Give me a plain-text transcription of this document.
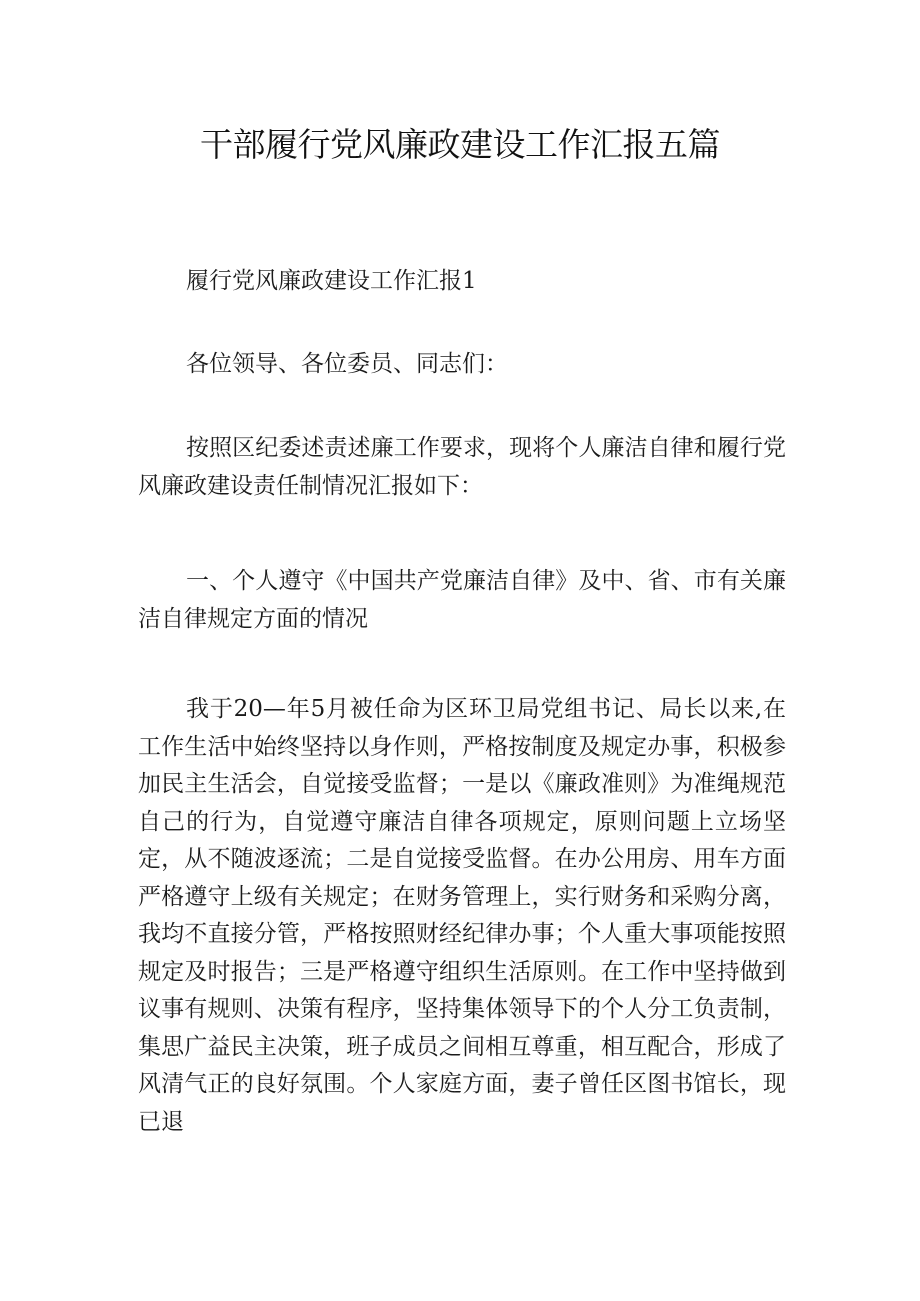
干部履行党风廉政建设工作汇报五篇

履行党风廉政建设工作汇报1

各位领导、各位委员、同志们：

按照区纪委述责述廉工作要求，现将个人廉洁自律和履行党风廉政建设责任制情况汇报如下：

一、个人遵守《中国共产党廉洁自律》及中、省、市有关廉洁自律规定方面的情况

我于20—年5月被任命为区环卫局党组书记、局长以来,在工作生活中始终坚持以身作则，严格按制度及规定办事，积极参加民主生活会，自觉接受监督；一是以《廉政准则》为准绳规范自己的行为，自觉遵守廉洁自律各项规定，原则问题上立场坚定，从不随波逐流；二是自觉接受监督。在办公用房、用车方面严格遵守上级有关规定；在财务管理上，实行财务和采购分离，我均不直接分管，严格按照财经纪律办事；个人重大事项能按照规定及时报告；三是严格遵守组织生活原则。在工作中坚持做到议事有规则、决策有程序，坚持集体领导下的个人分工负责制，集思广益民主决策，班子成员之间相互尊重，相互配合，形成了风清气正的良好氛围。个人家庭方面，妻子曾任区图书馆长，现已退
